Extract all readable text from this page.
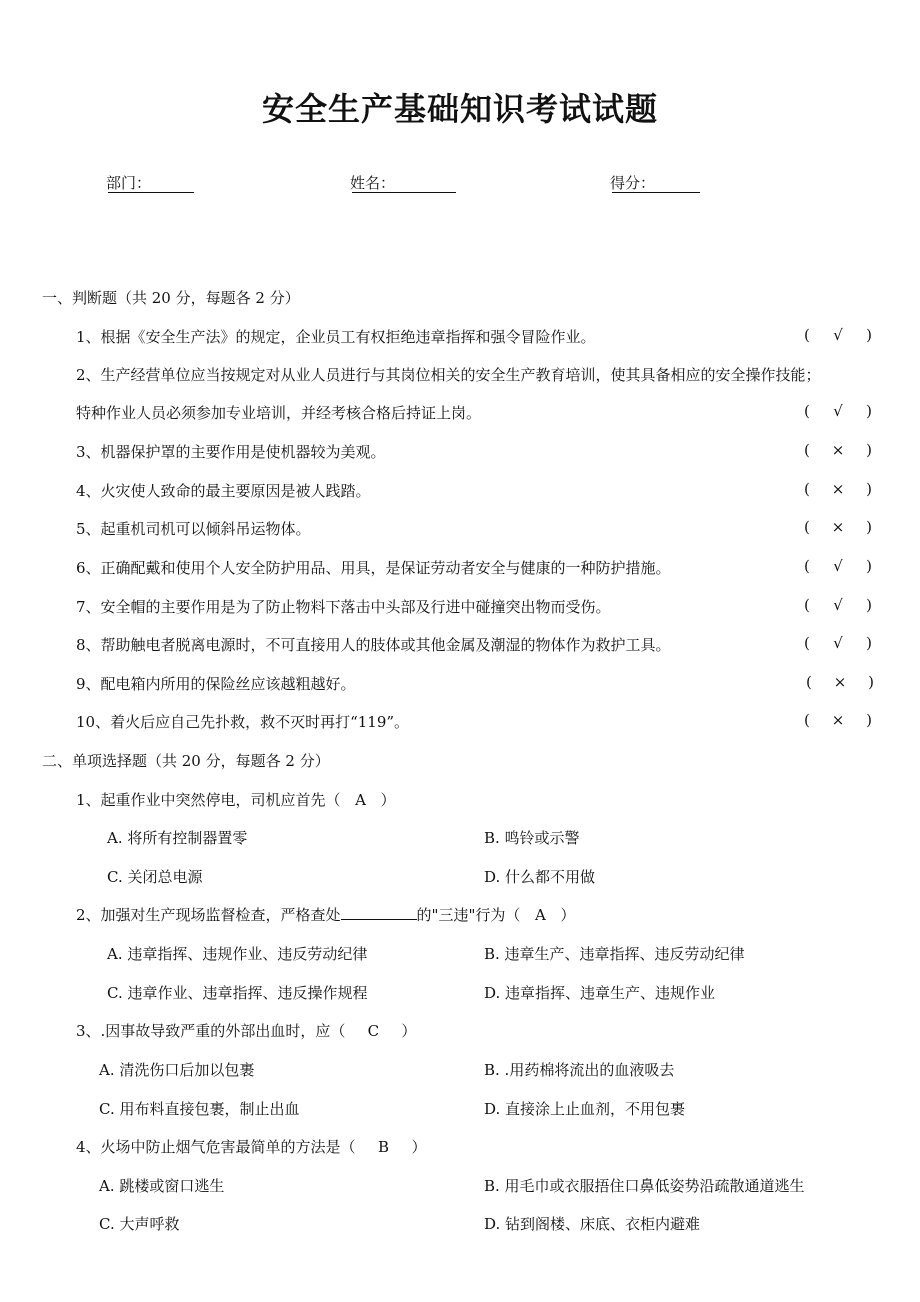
安全生产基础知识考试试题
部门：	姓名：	得分：
一、判断题（共 20 分，每题各 2 分）
1、根据《安全生产法》的规定，企业员工有权拒绝违章指挥和强令冒险作业。	(	√	)
2、生产经营单位应当按规定对从业人员进行与其岗位相关的安全生产教育培训，使其具备相应的安全操作技能；
特种作业人员必须参加专业培训，并经考核合格后持证上岗。	(	√	)
3、机器保护罩的主要作用是使机器较为美观。	( × )
4、火灾使人致命的最主要原因是被人践踏。	( × )
5、起重机司机可以倾斜吊运物体。	( × )
6、正确配戴和使用个人安全防护用品、用具，是保证劳动者安全与健康的一种防护措施。	(	√	)
7、安全帽的主要作用是为了防止物料下落击中头部及行进中碰撞突出物而受伤。	(	√	)
8、帮助触电者脱离电源时，不可直接用人的肢体或其他金属及潮湿的物体作为救护工具。	(	√	)
9、配电箱内所用的保险丝应该越粗越好。	( × )
10、着火后应自己先扑救，救不灭时再打“119”。	( × )
二、单项选择题（共 20 分，每题各 2 分）
1、起重作业中突然停电，司机应首先（ A ）
A. 将所有控制器置零	B. 鸣铃或示警
C. 关闭总电源	D. 什么都不用做
2、加强对生产现场监督检查，严格查处	的"三违"行为（ A ）
A. 违章指挥、违规作业、违反劳动纪律	B. 违章生产、违章指挥、违反劳动纪律
C. 违章作业、违章指挥、违反操作规程	D. 违章指挥、违章生产、违规作业
3、.因事故导致严重的外部出血时，应（ C ）
A. 清洗伤口后加以包裹	B. .用药棉将流出的血液吸去
C. 用布料直接包裹，制止出血	D. 直接涂上止血剂，不用包裹
4、火场中防止烟气危害最简单的方法是（ B ）
A. 跳楼或窗口逃生	B. 用毛巾或衣服捂住口鼻低姿势沿疏散通道逃生
C. 大声呼救	D. 钻到阁楼、床底、衣柜内避难
